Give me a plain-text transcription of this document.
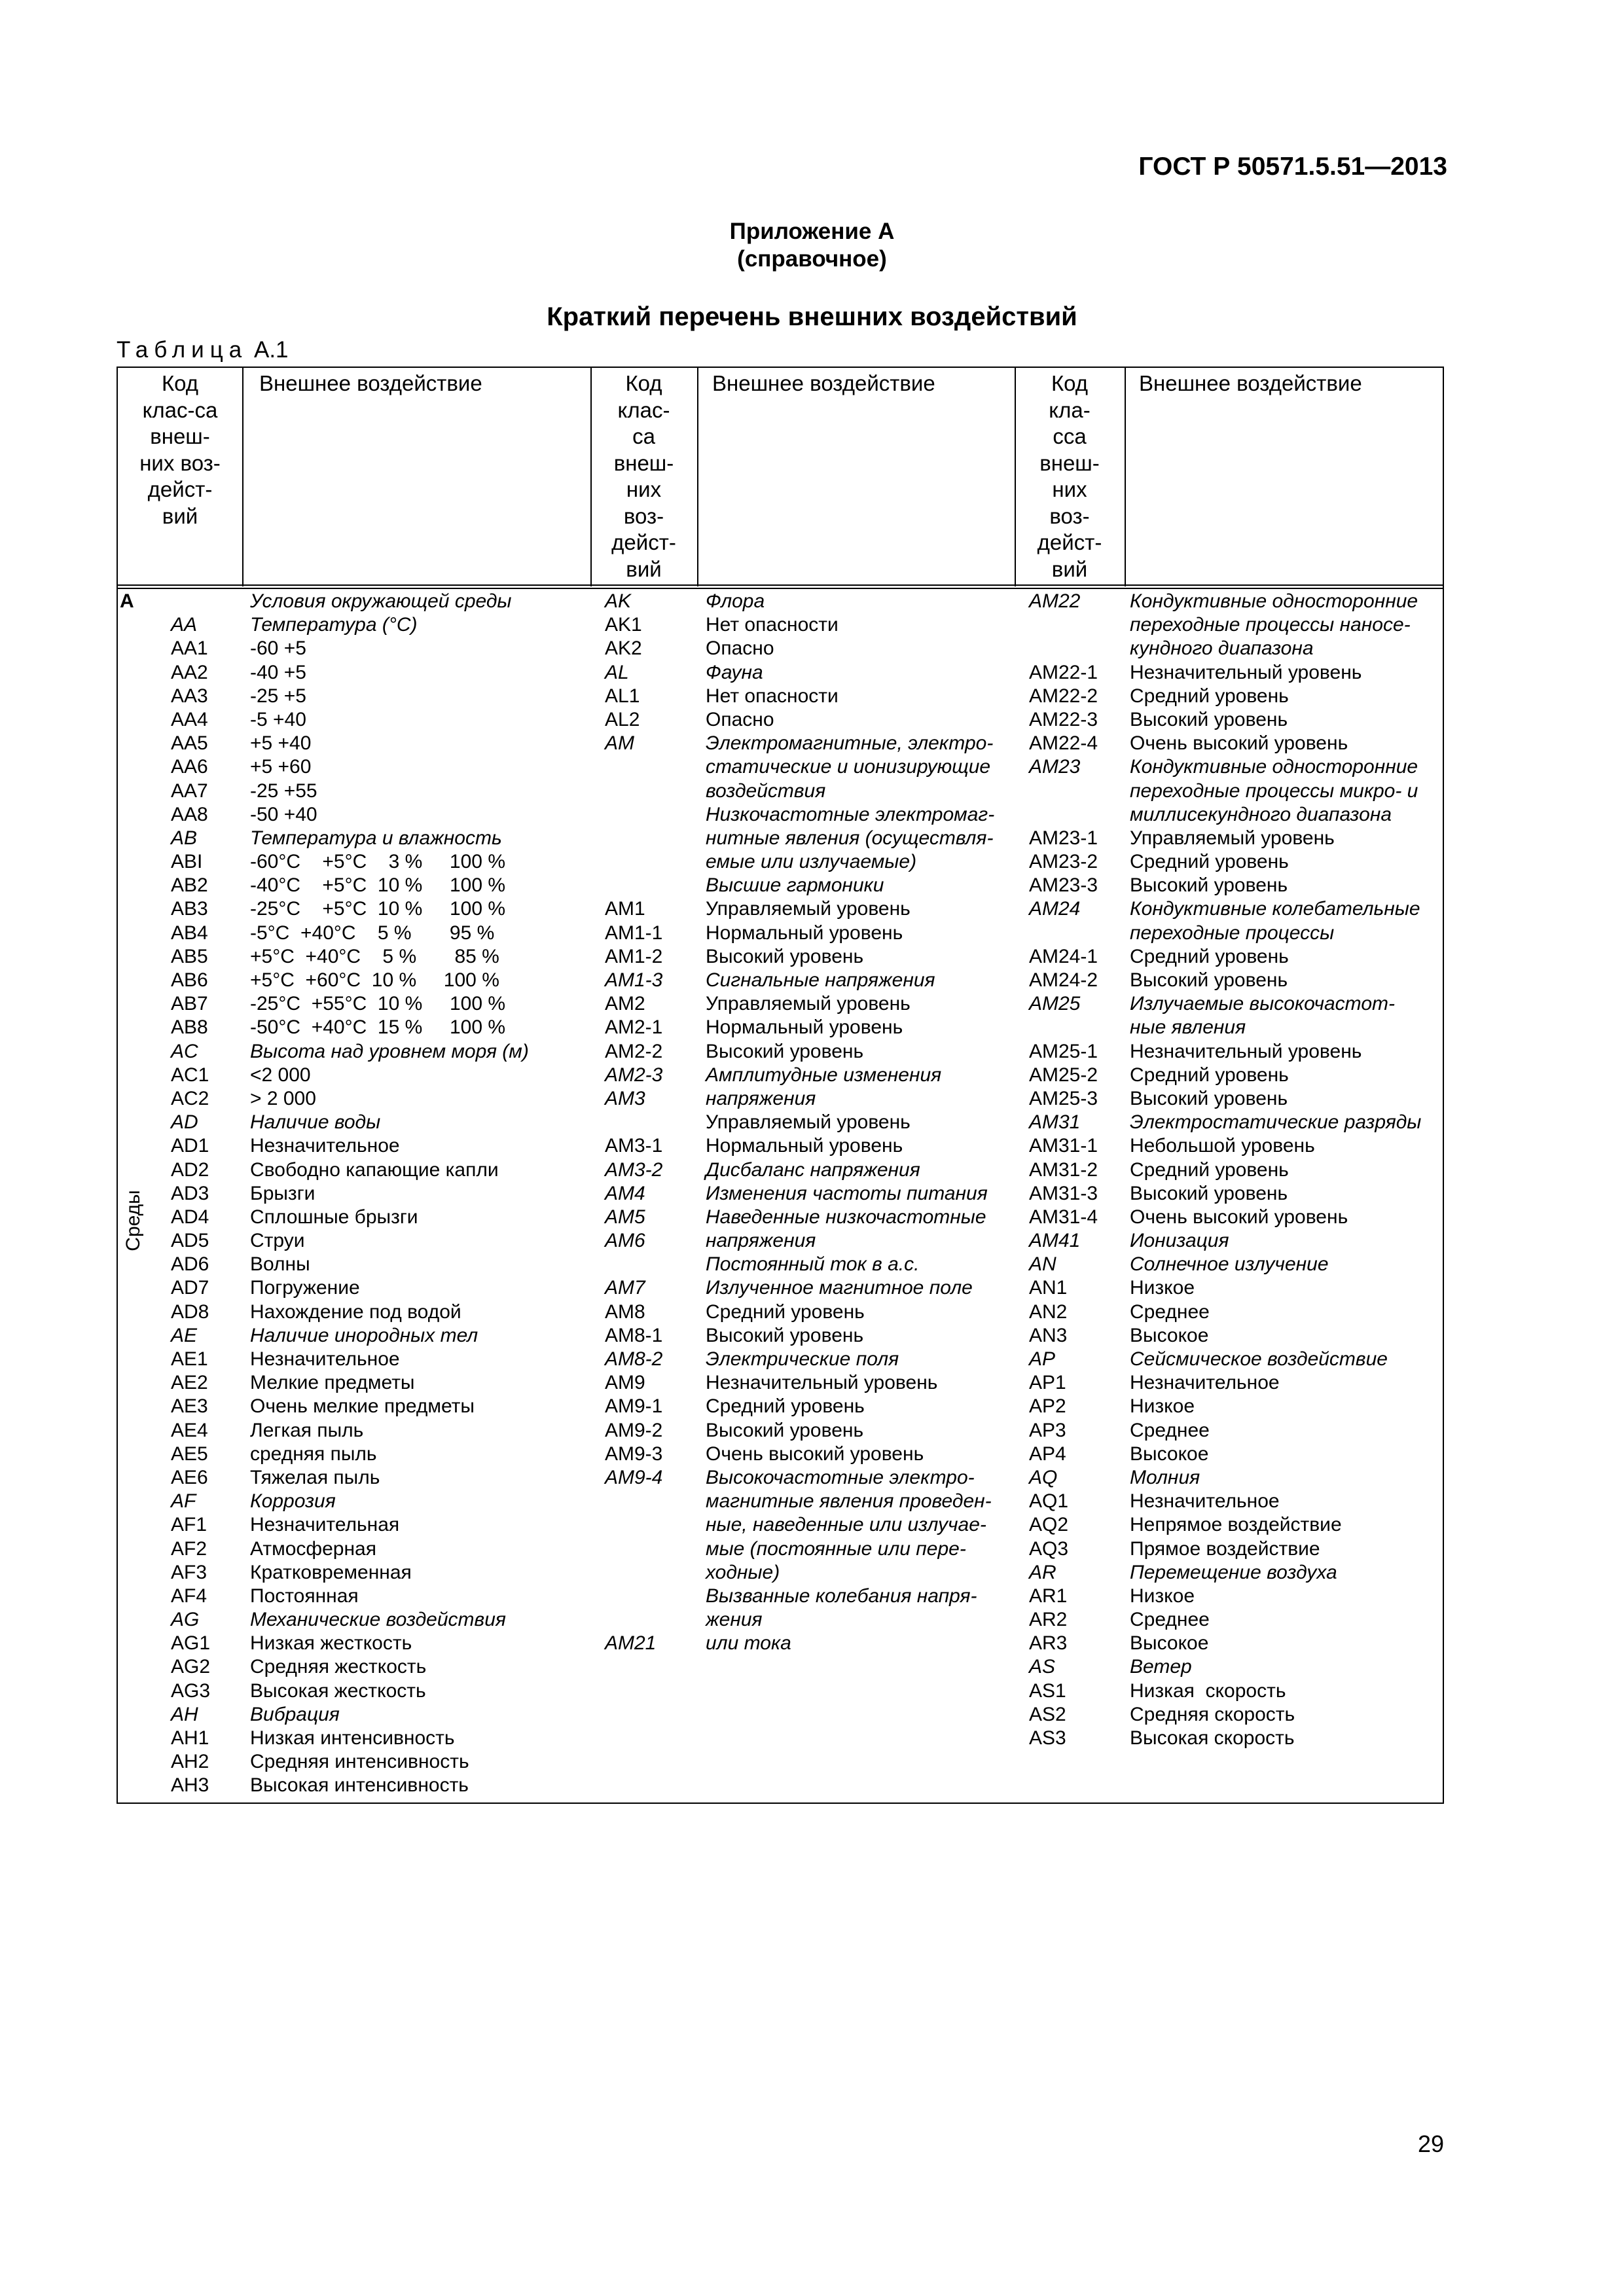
ГОСТ Р 50571.5.51—2013
Приложение А
(справочное)
Краткий перечень внешних воздействий
Таблица А.1
Код
клас-са
внеш-
них воз-
дейст-
вий
Внешнее воздействие	Код
клас-
са
внеш-
них
воз-
дейст-
вий
Внешнее воздействие	Код
кла-
сса
внеш-
них
воз-
дейст-
вий
Внешнее воздействие
Среды
A
AA
AA1
AA2
AA3
AA4
AA5
AA6
AA7
AA8
AB
ABI
AB2
AB3
AB4
AB5
AB6
AB7
AB8
AC
AC1
AC2
AD
AD1
AD2
AD3
AD4
AD5
AD6
AD7
AD8
AE
AE1
AE2
AE3
AE4
AE5
AE6
AF
AF1
AF2
AF3
AF4
AG
AG1
AG2
AG3
AH
AH1
AH2
AH3
Условия окружающей среды
Температура (°С)
-60 +5
-40 +5
-25 +5
-5 +40
+5 +40
+5 +60
-25 +55
-50 +40
Температура и влажность
-60°С    +5°С    3 %     100 %
-40°С    +5°С  10 %     100 %
-25°С    +5°С  10 %     100 %
-5°С  +40°С    5 %       95 %
+5°С  +40°С    5 %       85 %
+5°С  +60°С  10 %     100 %
-25°С  +55°С  10 %     100 %
-50°С  +40°С  15 %     100 %
Высота над уровнем моря (м)
<2 000
> 2 000
Наличие воды
Незначительное
Свободно капающие капли
Брызги
Сплошные брызги
Струи
Волны
Погружение
Нахождение под водой
Наличие инородных тел
Незначительное
Мелкие предметы
Очень мелкие предметы
Легкая пыль
средняя пыль
Тяжелая пыль
Коррозия
Незначительная
Атмосферная
Кратковременная
Постоянная
Механические воздействия
Низкая жесткость
Средняя жесткость
Высокая жесткость
Вибрация
Низкая интенсивность
Средняя интенсивность
Высокая интенсивность
AK
AK1
AK2
AL
AL1
AL2
AM
AM1
AM1-1
AM1-2
AM1-3
AM2
AM2-1
AM2-2
AM2-3
AM3
AM3-1
AM3-2
AM4
AM5
AM6
AM7
AM8
AM8-1
AM8-2
AM9
AM9-1
AM9-2
AM9-3
AM9-4
AM21
Флора
Нет опасности
Опасно
Фауна
Нет опасности
Опасно
Электромагнитные, электро-
статические и ионизирующие
воздействия
Низкочастотные электромаг-
нитные явления (осуществля-
емые или излучаемые)
Высшие гармоники
Управляемый уровень
Нормальный уровень
Высокий уровень
Сигнальные напряжения
Управляемый уровень
Нормальный уровень
Высокий уровень
Амплитудные изменения
напряжения
Управляемый уровень
Нормальный уровень
Дисбаланс напряжения
Изменения частоты питания
Наведенные низкочастотные
напряжения
Постоянный ток в а.с.
Излученное магнитное поле
Средний уровень
Высокий уровень
Электрические поля
Незначительный уровень
Средний уровень
Высокий уровень
Очень высокий уровень
Высокочастотные электро-
магнитные явления проведен-
ные, наведенные или излучае-
мые (постоянные или пере-
ходные)
Вызванные колебания напря-
жения
или тока
AM22
AM22-1
AM22-2
AM22-3
AM22-4
AM23
AM23-1
AM23-2
AM23-3
AM24
AM24-1
AM24-2
AM25
AM25-1
AM25-2
AM25-3
AM31
AM31-1
AM31-2
AM31-3
AM31-4
AM41
AN
AN1
AN2
AN3
AP
AP1
AP2
AP3
AP4
AQ
AQ1
AQ2
AQ3
AR
AR1
AR2
AR3
AS
AS1
AS2
AS3
Кондуктивные односторонние
переходные процессы наносе-
кундного диапазона
Незначительный уровень
Средний уровень
Высокий уровень
Очень высокий уровень
Кондуктивные односторонние
переходные процессы микро- и
миллисекундного диапазона
Управляемый уровень
Средний уровень
Высокий уровень
Кондуктивные колебательные
переходные процессы
Средний уровень
Высокий уровень
Излучаемые высокочастот-
ные явления
Незначительный уровень
Средний уровень
Высокий уровень
Электростатические разряды
Небольшой уровень
Средний уровень
Высокий уровень
Очень высокий уровень
Ионизация
Солнечное излучение
Низкое
Среднее
Высокое
Сейсмическое воздействие
Незначительное
Низкое
Среднее
Высокое
Молния
Незначительное
Непрямое воздействие
Прямое воздействие
Перемещение воздуха
Низкое
Среднее
Высокое
Ветер
Низкая  скорость
Средняя скорость
Высокая скорость
29
